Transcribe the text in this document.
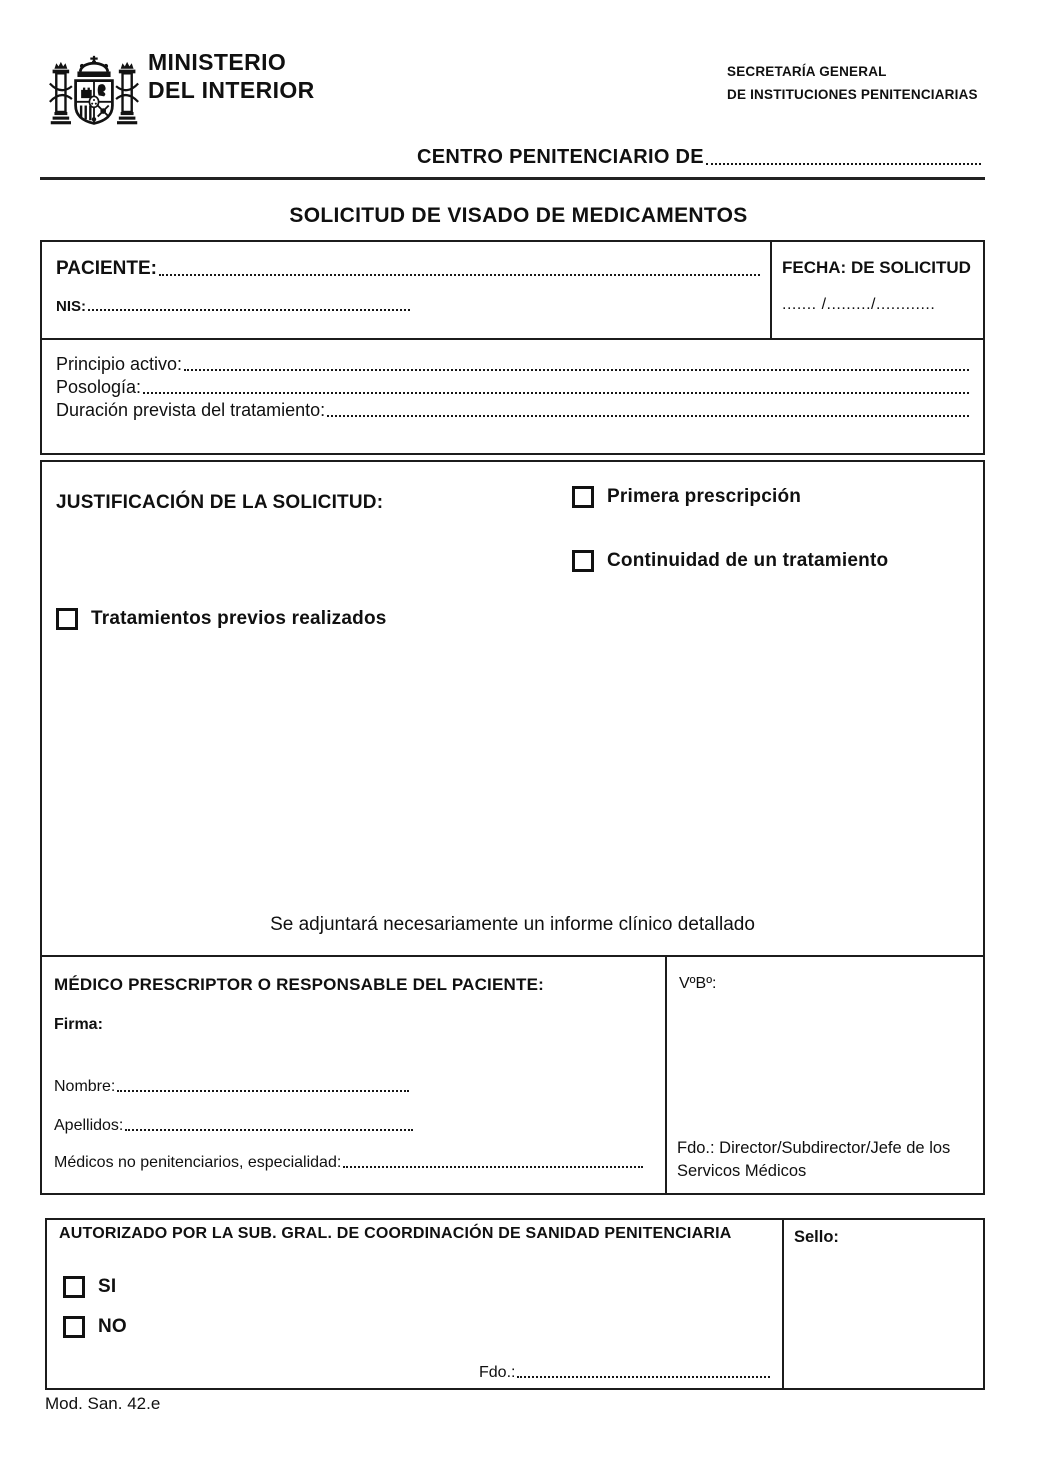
MINISTERIO
DEL INTERIOR
SECRETARÍA GENERAL
DE INSTITUCIONES PENITENCIARIAS
CENTRO PENITENCIARIO DE
SOLICITUD DE VISADO DE MEDICAMENTOS
PACIENTE:
NIS:
FECHA: DE SOLICITUD
....... /........./............
Principio activo:
Posología:
Duración prevista del tratamiento:
JUSTIFICACIÓN DE LA SOLICITUD:	Primera prescripción
Continuidad de un tratamiento
Tratamientos previos realizados
Se adjuntará necesariamente un informe clínico detallado
MÉDICO PRESCRIPTOR O RESPONSABLE DEL PACIENTE:
Firma:
Nombre:
Apellidos:
Médicos no penitenciarios, especialidad:
VºBº:
Fdo.: Director/Subdirector/Jefe de los Servicos Médicos
AUTORIZADO POR LA SUB. GRAL. DE COORDINACIÓN DE SANIDAD PENITENCIARIA
SI
NO
Fdo.:
Sello:
Mod. San. 42.e
